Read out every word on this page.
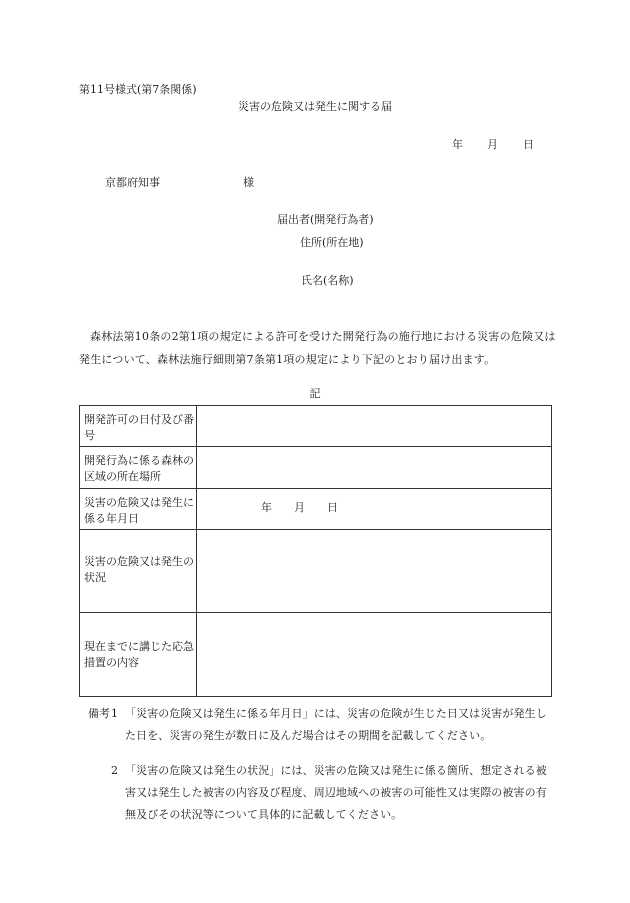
第11号様式(第7条関係)
災害の危険又は発生に関する届
年 月 日
京都府知事	様
届出者(開発行為者)
住所(所在地)
氏名(名称)
森林法第10条の2第1項の規定による許可を受けた開発行為の施行地における災害の危険又は発生について、森林法施行細則第7条第1項の規定により下記のとおり届け出ます。
記
開発許可の日付及び番号	

開発行為に係る森林の区域の所在場所	

災害の危険又は発生に係る年月日	年 月 日

災害の危険又は発生の状況	

現在までに講じた応急措置の内容	

備考 1 「災害の危険又は発生に係る年月日」には、災害の危険が生じた日又は災害が発生した日を、災害の発生が数日に及んだ場合はその期間を記載してください。
2 「災害の危険又は発生の状況」には、災害の危険又は発生に係る箇所、想定される被害又は発生した被害の内容及び程度、周辺地域への被害の可能性又は実際の被害の有無及びその状況等について具体的に記載してください。
